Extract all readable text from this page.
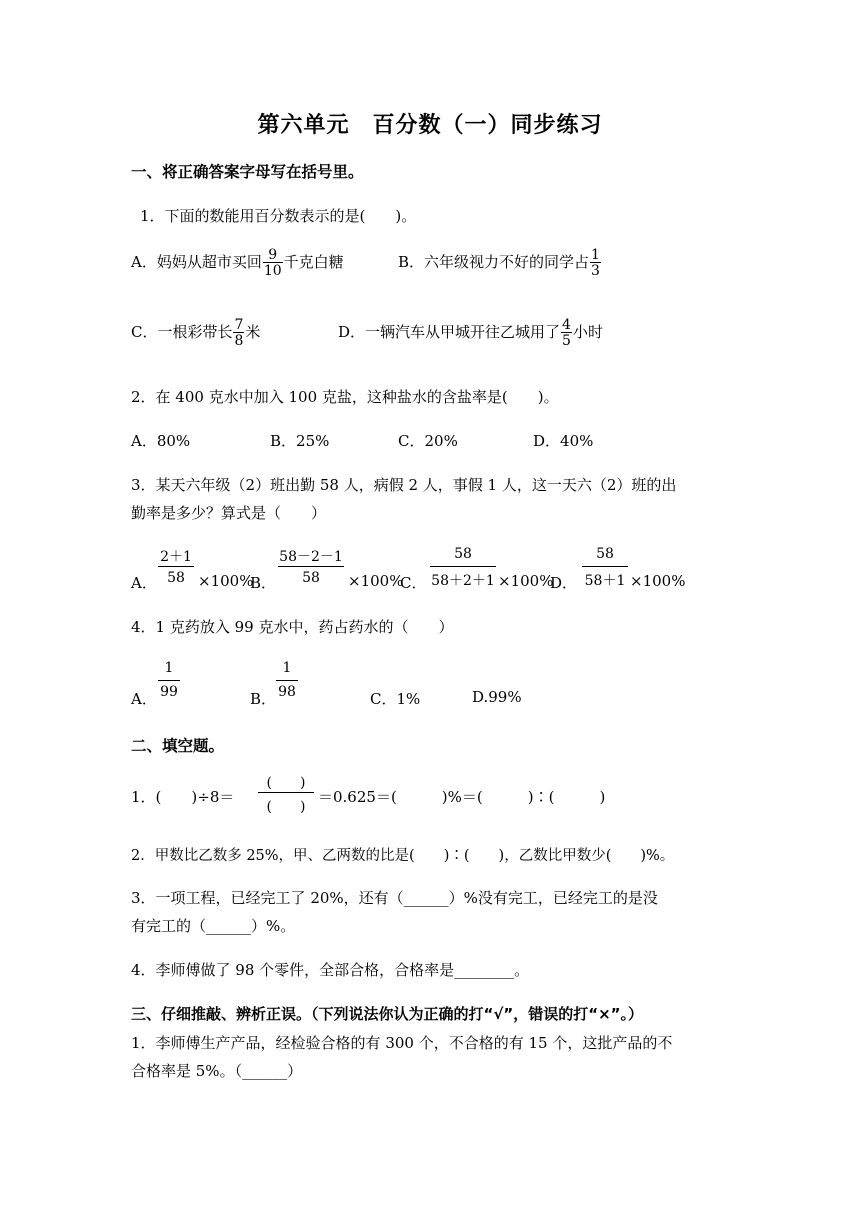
第六单元　百分数（一）同步练习
一、将正确答案字母写在括号里。
1．下面的数能用百分数表示的是(　　)。
A．妈妈从超市买回 $\frac{9}{10}$ 千克白糖	B．六年级视力不好的同学占 $\frac{1}{3}$
C．一根彩带长 $\frac{7}{8}$ 米	D．一辆汽车从甲城开往乙城用了 $\frac{4}{5}$ 小时
2．在 400 克水中加入 100 克盐，这种盐水的含盐率是(　　)。
A．80%	B．25%	C．20%	D．40%
3．某天六年级（2）班出勤 58 人，病假 2 人，事假 1 人，这一天六（2）班的出
勤率是多少？算式是（　　）
A．
2＋1
58 ×100%
B．
58－2－1
58	×100%
C．
58
58＋2＋1 ×100%
D．
58
58＋1 ×100%
4．1 克药放入 99 克水中，药占药水的（　　）
A．
1
99	B．
1
98	C．1%	D.99%
二、填空题。
1．(　　)÷8＝
(　　)
(　　)
＝0.625＝(　　　)%＝(　　　)∶(　　　)
2．甲数比乙数多 25%，甲、乙两数的比是(　　)∶(　　)，乙数比甲数少(　　)%。
3．一项工程，已经完工了 20%，还有（______）%没有完工，已经完工的是没
有完工的（______）%。
4．李师傅做了 98 个零件，全部合格，合格率是________。
三、仔细推敲、辨析正误。（下列说法你认为正确的打“√”，错误的打“×”。）
1．李师傅生产产品，经检验合格的有 300 个，不合格的有 15 个，这批产品的不
合格率是 5%。（______）
